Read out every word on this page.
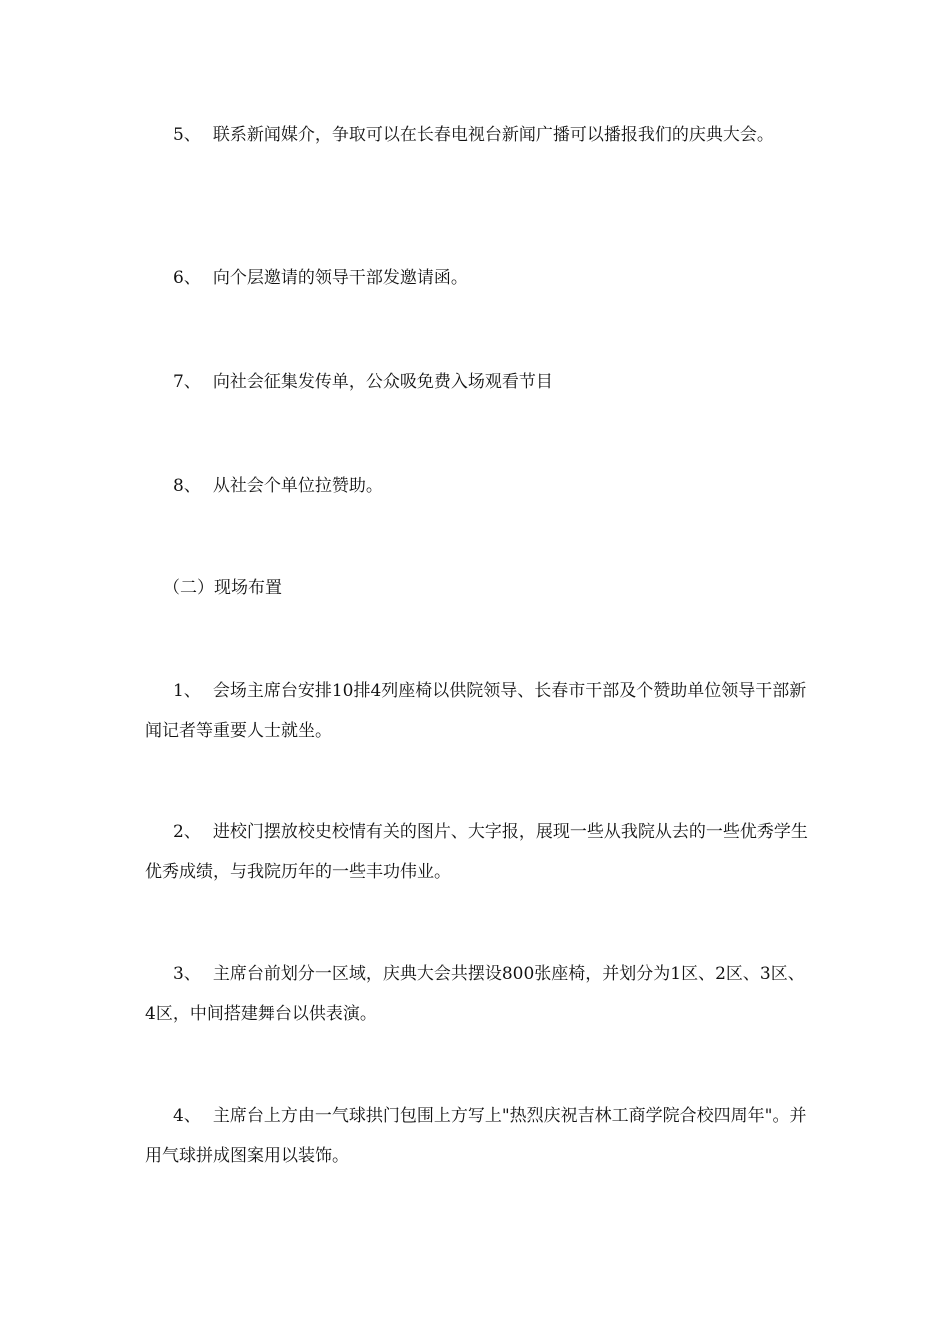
5、 联系新闻媒介，争取可以在长春电视台新闻广播可以播报我们的庆典大会。

6、 向个层邀请的领导干部发邀请函。

7、 向社会征集发传单，公众吸免费入场观看节目

8、 从社会个单位拉赞助。

（二）现场布置

1、 会场主席台安排10排4列座椅以供院领导、长春市干部及个赞助单位领导干部新闻记者等重要人士就坐。

2、 进校门摆放校史校情有关的图片、大字报，展现一些从我院从去的一些优秀学生优秀成绩，与我院历年的一些丰功伟业。

3、 主席台前划分一区域，庆典大会共摆设800张座椅，并划分为1区、2区、3区、4区，中间搭建舞台以供表演。

4、 主席台上方由一气球拱门包围上方写上"热烈庆祝吉林工商学院合校四周年"。并用气球拼成图案用以装饰。
